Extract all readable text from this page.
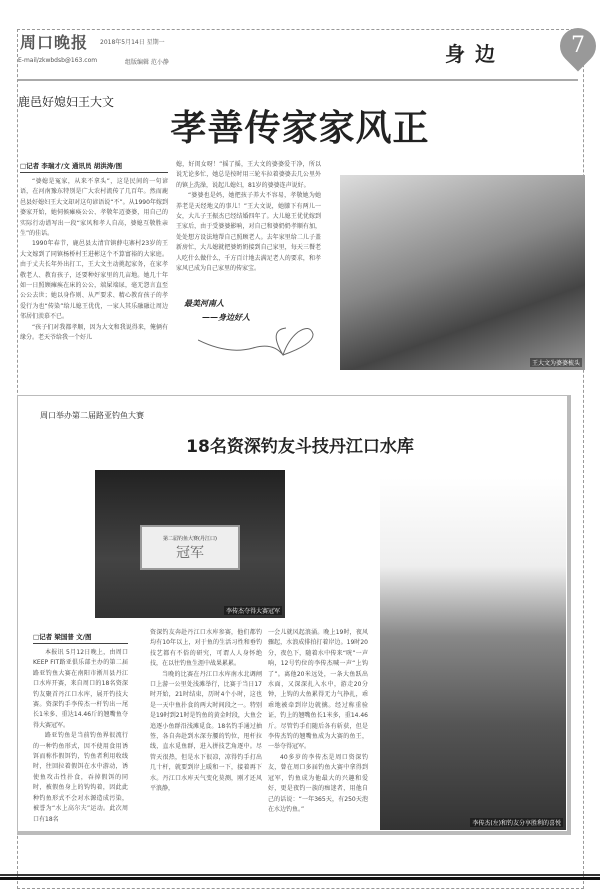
周口晚报 2018年5月14日 星期一
E-mail/zkwbdsb@163.com	组版编辑 范小静	身边	7
鹿邑好媳妇王大文
孝善传家家风正
□记者 李瑞才/文 通讯员 胡洪涛/图

“婆媳是冤家，从来不拿头”，这是民间的一句谚语，在河南豫东特别是广大农村流传了几百年。然而鹿邑县好媳妇王大文却对这句谚语说“不”。从1990年嫁到婆家开始，她伺候瘫痪公公、孝敬年迈婆婆，用自己的实际行动谱写出一段“家风和孝人自高，婆媳互敬胜亲生”的佳话。

1990年春节，鹿邑县太清宫镇薛屯寨村23岁的王大文嫁到了同镇杨桥村王进彬这个不算富裕的大家庭。由于丈夫长年外出打工，王大文主动挑起家务，在家孝敬老人、教育孩子，还要种好家里的几亩地。她几十年如一日照顾瘫痪在床的公公，端屎端尿，毫无怨言直至公公去世；她以身作则、从严要求、精心教育孩子的孝爱行为也“传染”给儿媳王优优，一家人其乐融融让周边邻居们羡慕不已。

“孩子们对我都孝顺，因为大文和我说得来，俺俩有缘分。老天爷给我一个好儿

媳，好闺女呀！”摇了摇，王大文的婆婆爱干净，所以说无论多忙，她总是按时用三轮车拉着婆婆去几公里外的镇上洗澡，说起儿媳妇，81岁的婆婆连声说好。

“婆婆也是妈，她把孩子养大不容易，孝敬她为她养老是天经地义的事儿！”王大文说，她膝下有两儿一女，大儿子王振杰已经结婚四年了。大儿媳王优优嫁到王家后，由于受婆婆影响，对自己和婆奶奶孝顺有加，处处想方设法地帮自己照顾老人。去年家里给二儿子盖新房忙，大儿媳就把婆奶奶接到自己家里，每天三餐老人吃什么做什么，千方百计地去满足老人的要求，和孝家风已成为自己家里的传家宝。

最美河南人
——身边好人
王大文为婆婆梳头
周口举办第二届路亚钓鱼大赛
18名资深钓友斗技丹江口水库
第二届钓鱼大赛(丹江口)
冠军
李传杰夺得大赛冠军
李传杰(左)和钓友分享胜利的喜悦
□记者 梁国普 文/图

本报讯 5月12日晚上，由周口KEEP FIT路亚俱乐部主办的第二届路亚钓鱼大赛在南阳市淅川县丹江口水库开赛，来自周口的18名资深钓友聚首丹江口水库，展开钓技大赛。资深钓手李传杰一杆钓出一尾长1米多、重达14.46斤的翘嘴鱼夺得大赛冠军。

路亚钓鱼是当前钓鱼界很流行的一种钓鱼形式，因不使用食用诱饵而称作假饵钓，钓鱼者利用收线时，往回拉着假饵在水中游动，诱使鱼攻击性扑食，吞掉假饵的同时，被假鱼身上的钩钩着，因此此种钓鱼形式不会对水源造成污染，被誉为“水上高尔夫”运动。此次周口有18名

资深钓友奔赴丹江口水库参赛，他们都钓均有10年以上，对于鱼的生活习性和垂钓技艺都有不俗的研究，可谓人人身怀绝技，在以往钓鱼生涯中战果累累。

当晚的比赛在丹江口水库南水北调闸口上游一公里处浅滩举行，比赛于当日17时开始，21时结束，历时4个小时，这也是一天中鱼扑食的两大时间段之一。特别是19时到21时是钓鱼的黄金时段，大鱼会追逐小鱼群沿浅滩觅食。18名钓手通过抽签，各自奔赴到水深夯腰的钓位，甩杆拉线，直水觅鱼群，进入拼技艺角逐中。尽管天很热，但是水下很凉，凉得钓手打出几十杆，就要到岸上暖和一下，接着再下水。丹江口水库天气变化莫测，刚才还风平浪静，

一会儿就风起浪涌。晚上19时，夜风骤起，水浪成排拍打着岸边。19时20分，夜色下，随着水中传来“咣”一声响，12号钓位的李传杰喊一声“上钩了”。离他20米远处，一条大鱼跃出水面，又深深扎入水中，游走20分钟，上钩的大鱼累得无力气挣扎，乖乖地被牵到岸边就擒。经过称重验证，钓上的翘嘴鱼长1米多，重14.46斤。尽管钓手们随后各有斩获，但是李传杰钓的翘嘴鱼成为大赛的鱼王，一举夺得冠军。

40多岁的李传杰是周口资深钓友，曾在周口多届钓鱼大赛中拿得到冠军，钓鱼成为他最大的兴趣和爱好，更是夜钓一族的痴迷者，用他自己的话说：“一年365天，有250天泡在水边钓鱼。”
